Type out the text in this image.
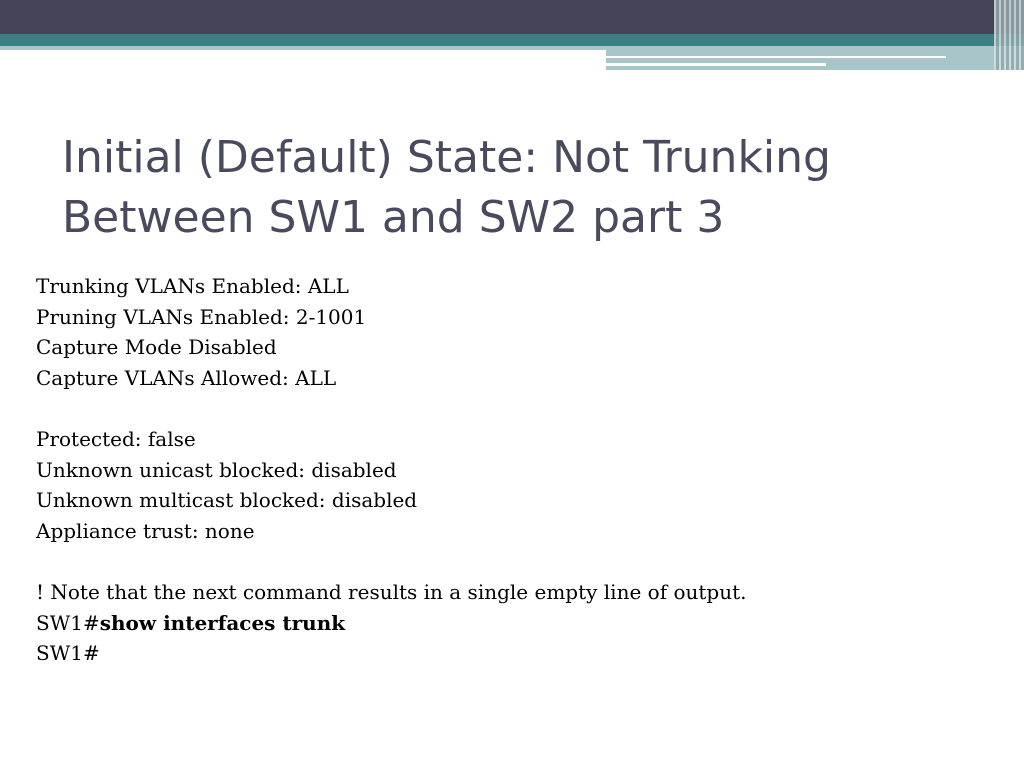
Initial (Default) State: Not Trunking
Between SW1 and SW2 part 3
Trunking VLANs Enabled: ALL
Pruning VLANs Enabled: 2-1001
Capture Mode Disabled
Capture VLANs Allowed: ALL
Protected: false
Unknown unicast blocked: disabled
Unknown multicast blocked: disabled
Appliance trust: none
! Note that the next command results in a single empty line of output.
SW1#show interfaces trunk
SW1#
